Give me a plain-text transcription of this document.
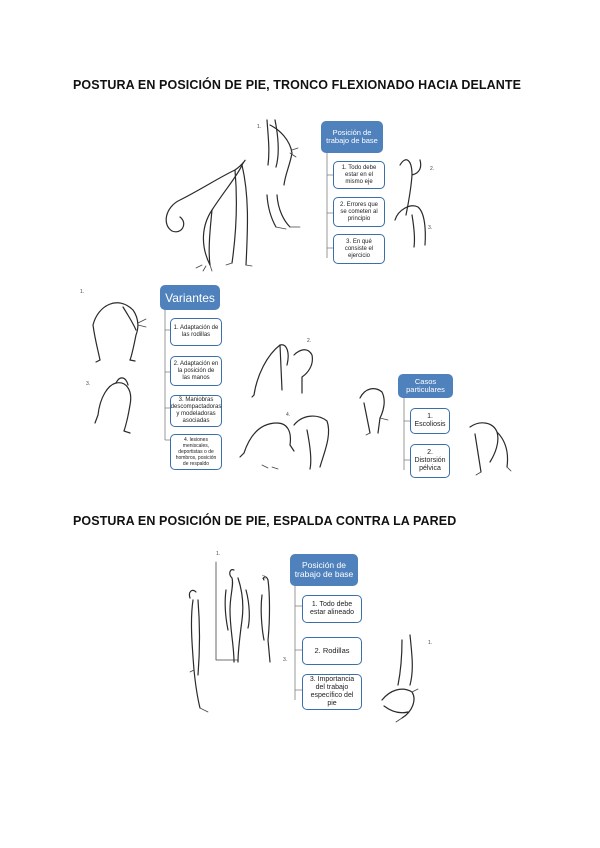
POSTURA EN POSICIÓN DE PIE, TRONCO FLEXIONADO HACIA DELANTE
Posición de trabajo de base
1. Todo debe estar en el mismo eje
2. Errores que se cometen al principio
3. En qué consiste el ejercicio
1.
2.
3.
1.
3.
Variantes
1. Adaptación de las rodillas
2. Adaptación en la posición de las manos
3. Maniobras descompactadoras y modeladoras asociadas
4. lesiones meniscales, deportistas o de hombros, posición de respaldo
2.
4.
Casos particulares
1. Escoliosis
2. Distorsión pélvica
POSTURA EN POSICIÓN DE PIE, ESPALDA CONTRA LA PARED
1.
2.
3.
Posición de trabajo de base
1. Todo debe estar alineado
2. Rodillas
3. Importancia del trabajo específico del pie
1.
